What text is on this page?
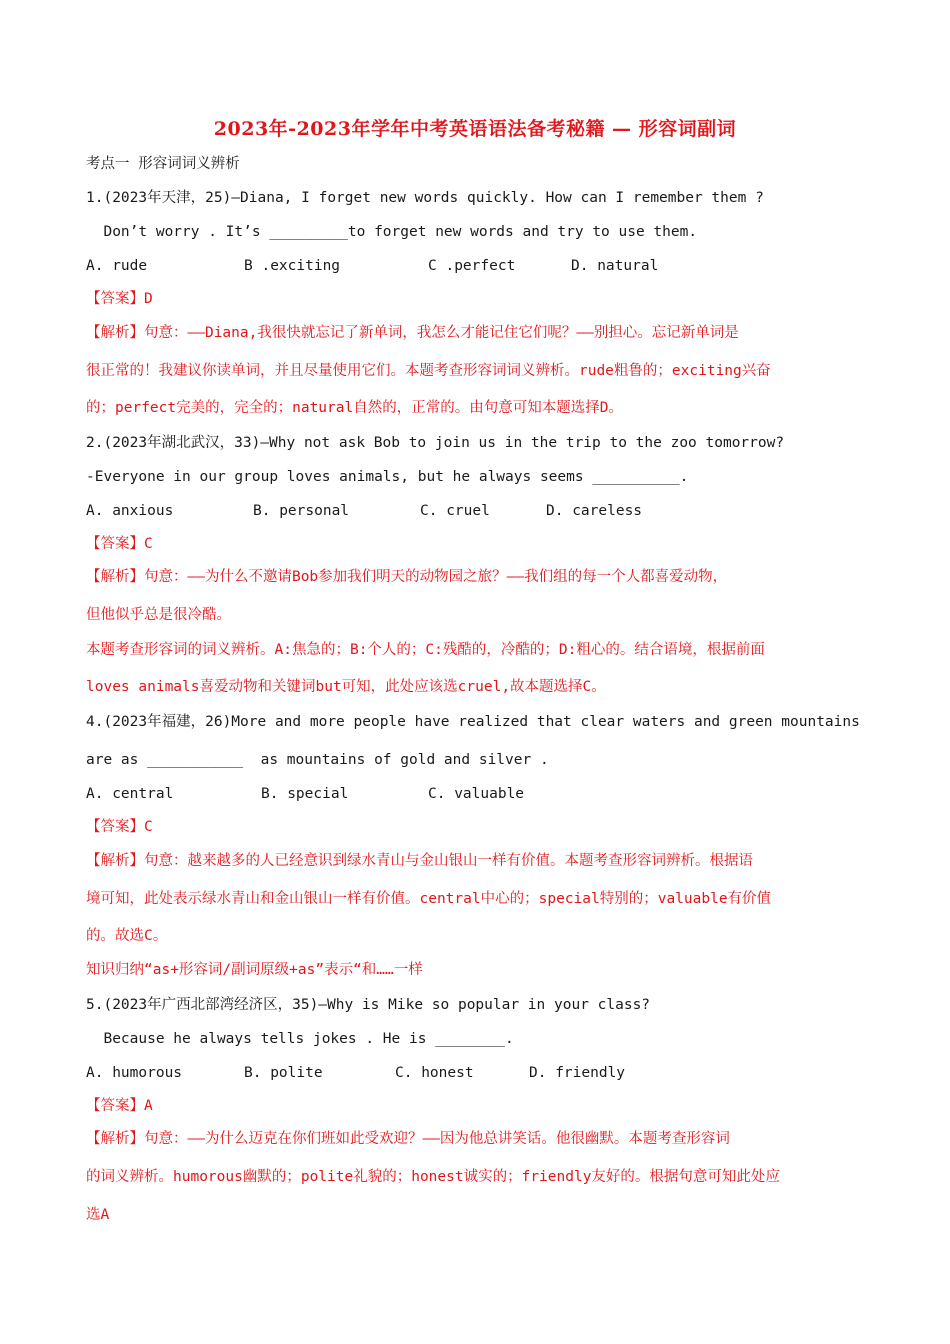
2023年-2023年学年中考英语语法备考秘籍 — 形容词副词
考点一 形容词词义辨析
1.(2023年天津，25)—Diana, I forget new words quickly. How can I remember them ?
Don’t worry . It’s _________to forget new words and try to use them.
A. rude	B .exciting	C .perfect	D. natural
【答案】D
【解析】句意：——Diana,我很快就忘记了新单词，我怎么才能记住它们呢？——别担心。忘记新单词是
很正常的！我建议你读单词，并且尽量使用它们。本题考查形容词词义辨析。rude粗鲁的；exciting兴奋
的；perfect完美的，完全的；natural自然的，正常的。由句意可知本题选择D。
2.(2023年湖北武汉，33)—Why not ask Bob to join us in the trip to the zoo tomorrow?
-Everyone in our group loves animals, but he always seems __________.
A. anxious	B. personal	C. cruel	D. careless
【答案】C
【解析】句意：——为什么不邀请Bob参加我们明天的动物园之旅？——我们组的每一个人都喜爱动物，
但他似乎总是很冷酷。
本题考查形容词的词义辨析。A:焦急的；B:个人的；C:残酷的，冷酷的；D:粗心的。结合语境，根据前面
loves animals喜爱动物和关键词but可知，此处应该选cruel,故本题选择C。
4.(2023年福建，26)More and more people have realized that clear waters and green mountains
are as ___________  as mountains of gold and silver .
A. central	B. special	C. valuable
【答案】C
【解析】句意：越来越多的人已经意识到绿水青山与金山银山一样有价值。本题考查形容词辨析。根据语
境可知，此处表示绿水青山和金山银山一样有价值。central中心的；special特别的；valuable有价值
的。故选C。
知识归纳“as+形容词/副词原级+as”表示“和……一样
5.(2023年广西北部湾经济区，35)—Why is Mike so popular in your class?
Because he always tells jokes . He is ________.
A. humorous	B. polite	C. honest	D. friendly
【答案】A
【解析】句意：——为什么迈克在你们班如此受欢迎？——因为他总讲笑话。他很幽默。本题考查形容词
的词义辨析。humorous幽默的；polite礼貌的；honest诚实的；friendly友好的。根据句意可知此处应
选A
